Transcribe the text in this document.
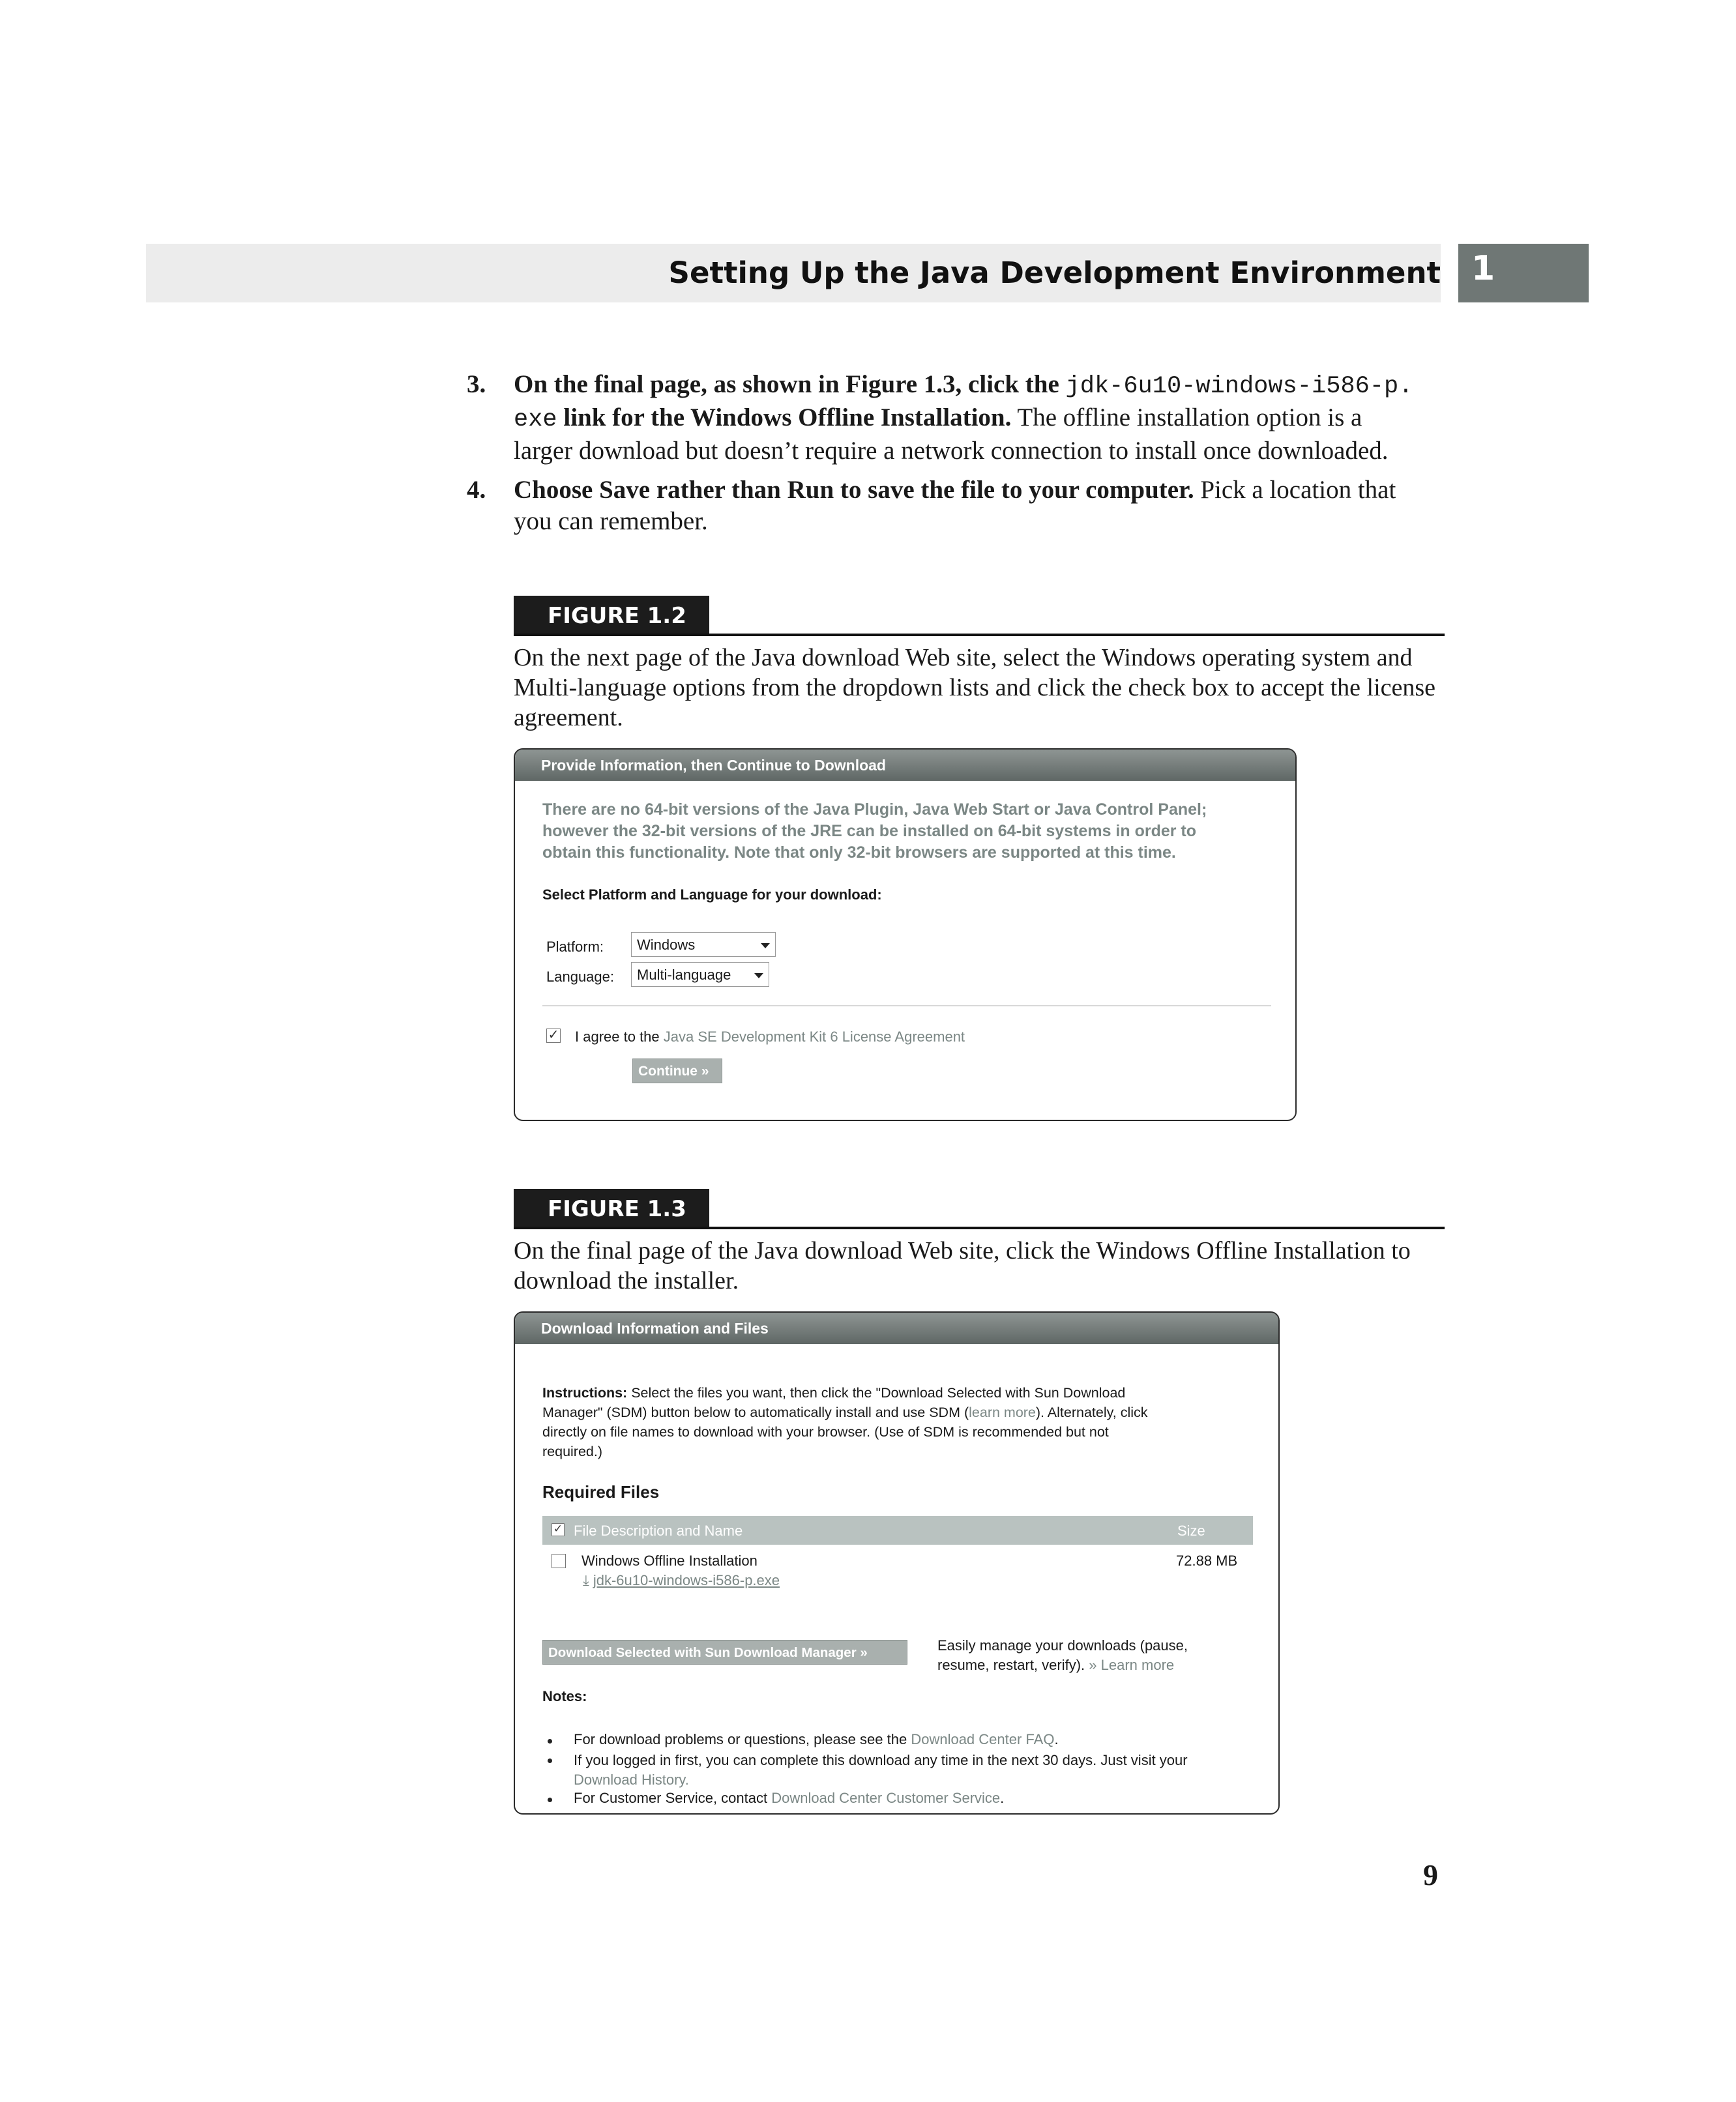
Setting Up the Java Development Environment 1
3. On the final page, as shown in Figure 1.3, click the jdk-6u10-windows-i586-p.
exe link for the Windows Offline Installation. The offline installation option is a
larger download but doesn’t require a network connection to install once downloaded.
4. Choose Save rather than Run to save the file to your computer. Pick a location that
you can remember.
FIGURE 1.2
On the next page of the Java download Web site, select the Windows operating system and Multi-language options from the dropdown lists and click the check box to accept the license agreement.
Provide Information, then Continue to Download
There are no 64-bit versions of the Java Plugin, Java Web Start or Java Control Panel;
however the 32-bit versions of the JRE can be installed on 64-bit systems in order to
obtain this functionality. Note that only 32-bit browsers are supported at this time.
Select Platform and Language for your download:
Platform:	Windows
Language:	Multi-language
✓ I agree to the Java SE Development Kit 6 License Agreement
Continue »
FIGURE 1.3
On the final page of the Java download Web site, click the Windows Offline Installation to download the installer.
Download Information and Files
Instructions: Select the files you want, then click the "Download Selected with Sun Download
Manager" (SDM) button below to automatically install and use SDM (learn more). Alternately, click
directly on file names to download with your browser. (Use of SDM is recommended but not
required.)
Required Files
✓ File Description and Name	Size
Windows Offline Installation	72.88 MB
⤓ jdk-6u10-windows-i586-p.exe
Download Selected with Sun Download Manager »	Easily manage your downloads (pause,
resume, restart, verify). » Learn more
Notes:
For download problems or questions, please see the Download Center FAQ.
If you logged in first, you can complete this download any time in the next 30 days. Just visit your
Download History.
For Customer Service, contact Download Center Customer Service.
9
